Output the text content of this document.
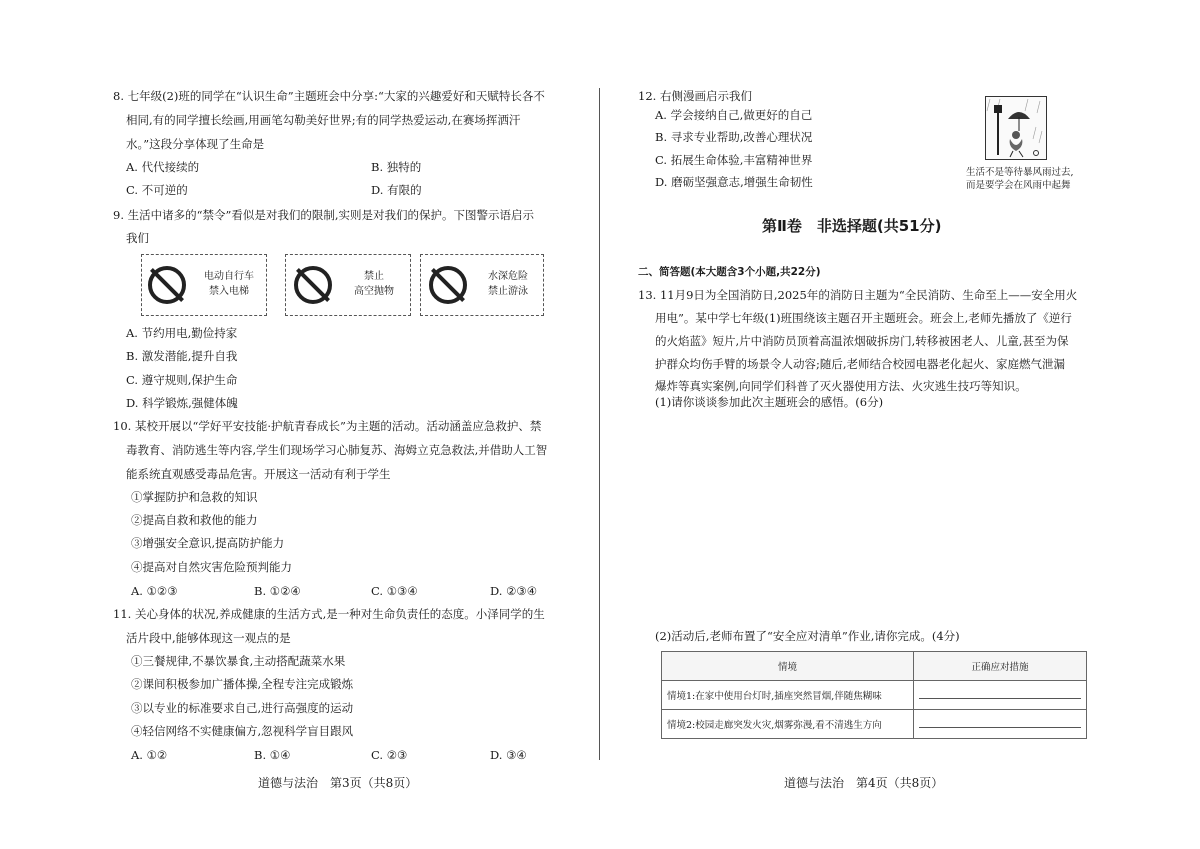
8. 七年级(2)班的同学在“认识生命”主题班会中分享:“大家的兴趣爱好和天赋特长各不
相同,有的同学擅长绘画,用画笔勾勒美好世界;有的同学热爱运动,在赛场挥洒汗
水。”这段分享体现了生命是
A. 代代接续的	B. 独特的
C. 不可逆的	D. 有限的
9. 生活中诸多的“禁令”看似是对我们的限制,实则是对我们的保护。下图警示语启示
我们
电动自行车
禁入电梯
禁止
高空抛物
水深危险
禁止游泳
A. 节约用电,勤俭持家
B. 激发潜能,提升自我
C. 遵守规则,保护生命
D. 科学锻炼,强健体魄
10. 某校开展以“学好平安技能·护航青春成长”为主题的活动。活动涵盖应急救护、禁
毒教育、消防逃生等内容,学生们现场学习心肺复苏、海姆立克急救法,并借助人工智
能系统直观感受毒品危害。开展这一活动有利于学生
①掌握防护和急救的知识
②提高自救和救他的能力
③增强安全意识,提高防护能力
④提高对自然灾害危险预判能力
A. ①②③	B. ①②④	C. ①③④	D. ②③④
11. 关心身体的状况,养成健康的生活方式,是一种对生命负责任的态度。小泽同学的生
活片段中,能够体现这一观点的是
①三餐规律,不暴饮暴食,主动搭配蔬菜水果
②课间积极参加广播体操,全程专注完成锻炼
③以专业的标准要求自己,进行高强度的运动
④轻信网络不实健康偏方,忽视科学盲目跟风
A. ①②	B. ①④	C. ②③	D. ③④
道德与法治　第3页（共8页）
12. 右侧漫画启示我们
A. 学会接纳自己,做更好的自己
B. 寻求专业帮助,改善心理状况
C. 拓展生命体验,丰富精神世界
D. 磨砺坚强意志,增强生命韧性
生活不是等待暴风雨过去,
而是要学会在风雨中起舞
第Ⅱ卷　非选择题(共51分)
二、简答题(本大题含3个小题,共22分)
13. 11月9日为全国消防日,2025年的消防日主题为“全民消防、生命至上——安全用火
用电”。某中学七年级(1)班围绕该主题召开主题班会。班会上,老师先播放了《逆行
的火焰蓝》短片,片中消防员顶着高温浓烟破拆房门,转移被困老人、儿童,甚至为保
护群众均伤手臂的场景令人动容;随后,老师结合校园电器老化起火、家庭燃气泄漏
爆炸等真实案例,向同学们科普了灭火器使用方法、火灾逃生技巧等知识。
(1)请你谈谈参加此次主题班会的感悟。(6分)
(2)活动后,老师布置了“安全应对清单”作业,请你完成。(4分)
情境	正确应对措施
情境1:在家中使用台灯时,插座突然冒烟,伴随焦糊味	
情境2:校园走廊突发火灾,烟雾弥漫,看不清逃生方向	
道德与法治　第4页（共8页）
